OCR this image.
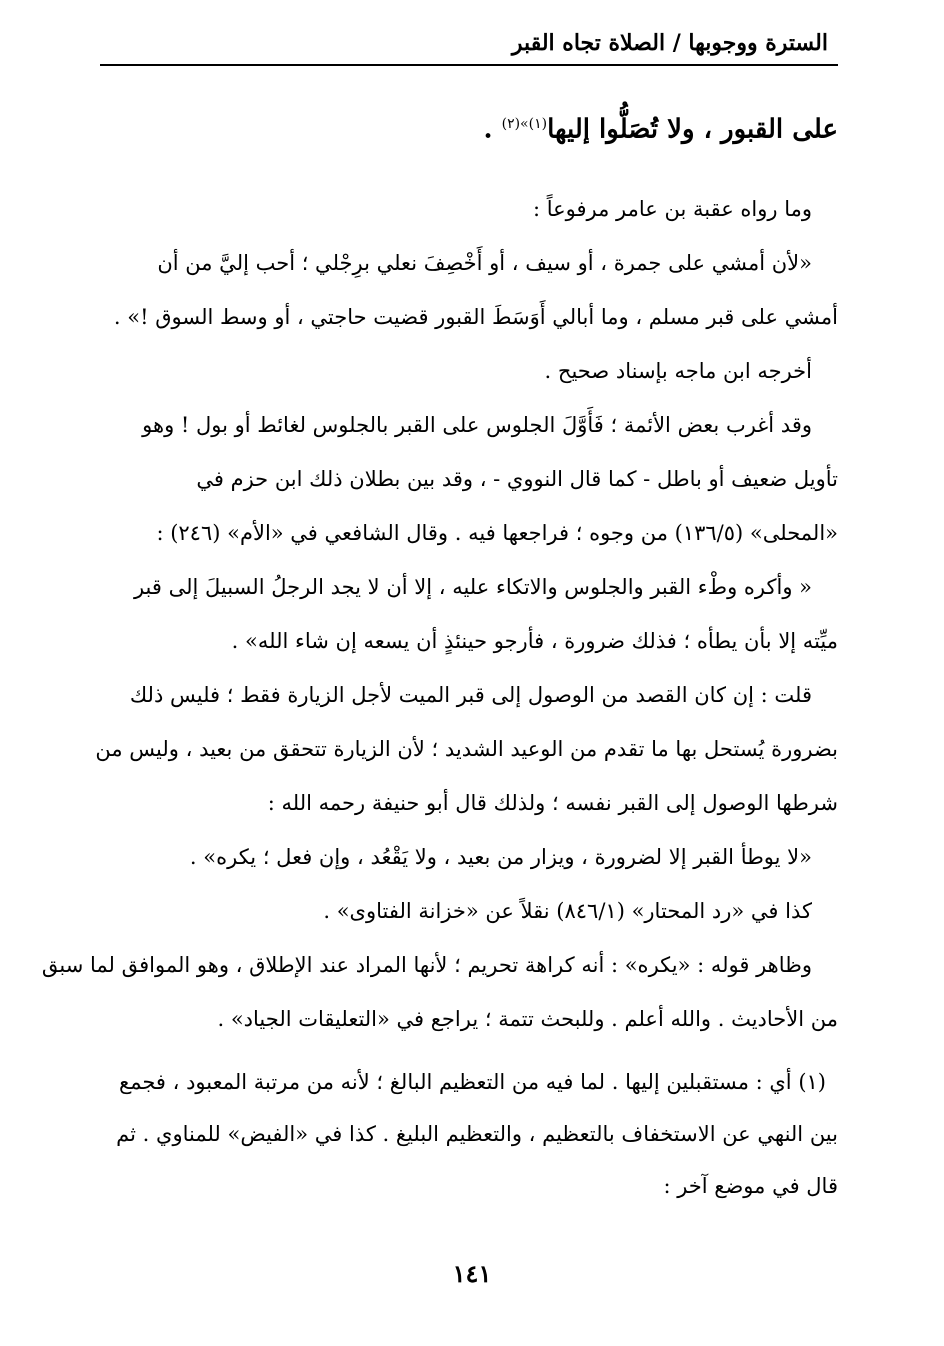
السترة ووجوبها / الصلاة تجاه القبر
على القبور ، ولا تُصَلُّوا إليها$^{(١)»(٢)}$ .

وما رواه عقبة بن عامر مرفوعاً :

«لأن أمشي على جمرة ، أو سيف ، أو أَخْصِفَ نعلي برِجْلي ؛ أحب إليَّ من أن

أمشي على قبر مسلم ، وما أبالي أَوَسَطَ القبور قضيت حاجتي ، أو وسط السوق !» .

أخرجه ابن ماجه بإسناد صحيح .

وقد أغرب بعض الأئمة ؛ فَأَوَّلَ الجلوس على القبر بالجلوس لغائط أو بول ! وهو

تأويل ضعيف أو باطل - كما قال النووي - ، وقد بين بطلان ذلك ابن حزم في

«المحلى» (١٣٦/٥) من وجوه ؛ فراجعها فيه . وقال الشافعي في «الأم» (٢٤٦) :

« وأكره وطْء القبر والجلوس والاتكاء عليه ، إلا أن لا يجد الرجلُ السبيلَ إلى قبر

ميِّته إلا بأن يطأه ؛ فذلك ضرورة ، فأرجو حينئذٍ أن يسعه إن شاء الله» .

قلت : إن كان القصد من الوصول إلى قبر الميت لأجل الزيارة فقط ؛ فليس ذلك

بضرورة يُستحل بها ما تقدم من الوعيد الشديد ؛ لأن الزيارة تتحقق من بعيد ، وليس من

شرطها الوصول إلى القبر نفسه ؛ ولذلك قال أبو حنيفة رحمه الله :

«لا يوطأ القبر إلا لضرورة ، ويزار من بعيد ، ولا يَقْعُد ، وإن فعل ؛ يكره» .

كذا في «رد المحتار» (٨٤٦/١) نقلاً عن «خزانة الفتاوى» .

وظاهر قوله : «يكره» : أنه كراهة تحريم ؛ لأنها المراد عند الإطلاق ، وهو الموافق لما سبق

من الأحاديث . والله أعلم . وللبحث تتمة ؛ يراجع في «التعليقات الجياد» .

(١) أي : مستقبلين إليها . لما فيه من التعظيم البالغ ؛ لأنه من مرتبة المعبود ، فجمع

بين النهي عن الاستخفاف بالتعظيم ، والتعظيم البليغ . كذا في «الفيض» للمناوي . ثم

قال في موضع آخر :

١٤١
